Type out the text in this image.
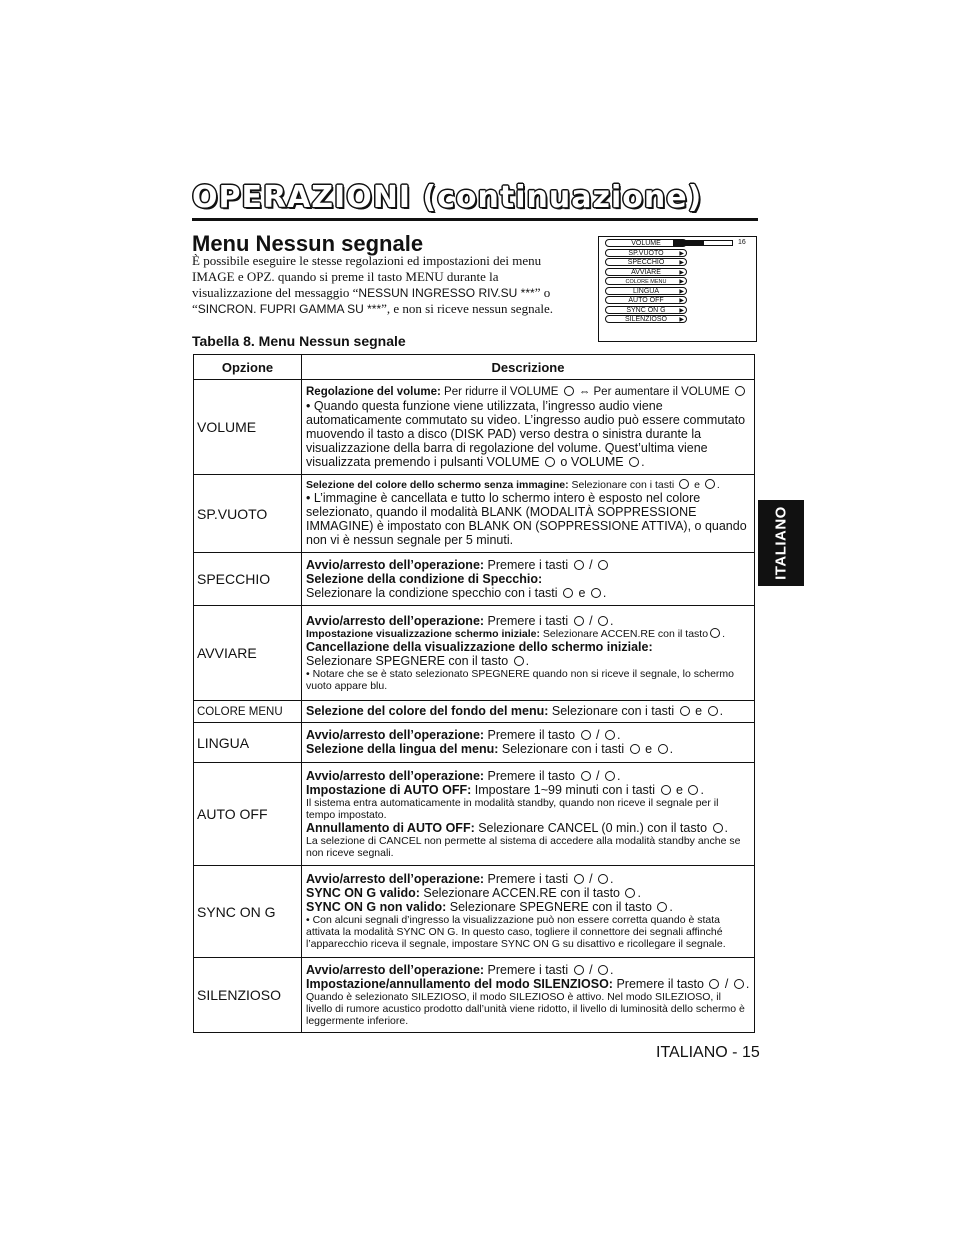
OPERAZIONI (continuazione)
Menu Nessun segnale
È possibile eseguire le stesse regolazioni ed impostazioni dei menu IMAGE e OPZ. quando si preme il tasto MENU durante la visualizzazione del messaggio “NESSUN INGRESSO RIV.SU ***” o “SINCRON. FUPRI GAMMA SU ***”, e non si riceve nessun segnale.
Tabella 8. Menu Nessun segnale
VOLUME
SP.VUOTO	▶
SPECCHIO	▶
AVVIARE	▶
COLORE MENU ▶
LINGUA	▶
AUTO OFF	▶
SYNC ON G ▶
SILENZIOSO ▶
16
Opzione	Descrizione
VOLUME	Regolazione del volume: Per ridurre il VOLUME  ⇔ Per aumentare il VOLUME
• Quando questa funzione viene utilizzata, l’ingresso audio viene automaticamente commutato su video. L’ingresso audio può essere commutato muovendo il tasto a disco (DISK PAD) verso destra o sinistra durante la visualizzazione della barra di regolazione del volume. Quest’ultima viene visualizzata premendo i pulsanti VOLUME  o VOLUME .

SP.VUOTO	Selezione del colore dello schermo senza immagine: Selezionare con i tasti  e .
• L’immagine è cancellata e tutto lo schermo intero è esposto nel colore selezionato, quando il modalità BLANK (MODALITÀ SOPPRESSIONE IMMAGINE) è impostato con BLANK ON (SOPPRESSIONE ATTIVA), o quando non vi è nessun segnale per 5 minuti.

SPECCHIO	Avvio/arresto dell’operazione: Premere i tasti  /
Selezione della condizione di Specchio:
Selezionare la condizione specchio con i tasti  e .

AVVIARE	Avvio/arresto dell’operazione: Premere i tasti  / .
Impostazione visualizzazione schermo iniziale: Selezionare ACCEN.RE con il tasto .
Cancellazione della visualizzazione dello schermo iniziale:
Selezionare SPEGNERE con il tasto .
• Notare che se è stato selezionato SPEGNERE quando non si riceve il segnale, lo schermo vuoto appare blu.

COLORE MENU	Selezione del colore del fondo del menu: Selezionare con i tasti  e .

LINGUA	Avvio/arresto dell’operazione: Premere il tasto  / .
Selezione della lingua del menu: Selezionare con i tasti  e .

AUTO OFF	Avvio/arresto dell’operazione: Premere il tasto  / .
Impostazione di AUTO OFF: Impostare 1~99 minuti con i tasti  e .
Il sistema entra automaticamente in modalità standby, quando non riceve il segnale per il tempo impostato.
Annullamento di AUTO OFF: Selezionare CANCEL (0 min.) con il tasto .
La selezione di CANCEL non permette al sistema di accedere alla modalità standby anche se non riceve segnali.

SYNC ON G	Avvio/arresto dell’operazione: Premere i tasti  / .
SYNC ON G valido: Selezionare ACCEN.RE con il tasto .
SYNC ON G non valido: Selezionare SPEGNERE con il tasto .
• Con alcuni segnali d’ingresso la visualizzazione può non essere corretta quando è stata attivata la modalità SYNC ON G. In questo caso, togliere il connettore dei segnali affinché l’apparecchio riceva il segnale, impostare SYNC ON G su disattivo e ricollegare il segnale.

SILENZIOSO	Avvio/arresto dell’operazione: Premere i tasti  / .
Impostazione/annullamento del modo SILENZIOSO: Premere il tasto  / .
Quando è selezionato SILEZIOSO, il modo SILEZIOSO è attivo. Nel modo SILEZIOSO, il livello di rumore acustico prodotto dall’unità viene ridotto, il livello di luminosità dello schermo è leggermente inferiore.
ITALIANO
ITALIANO - 15
